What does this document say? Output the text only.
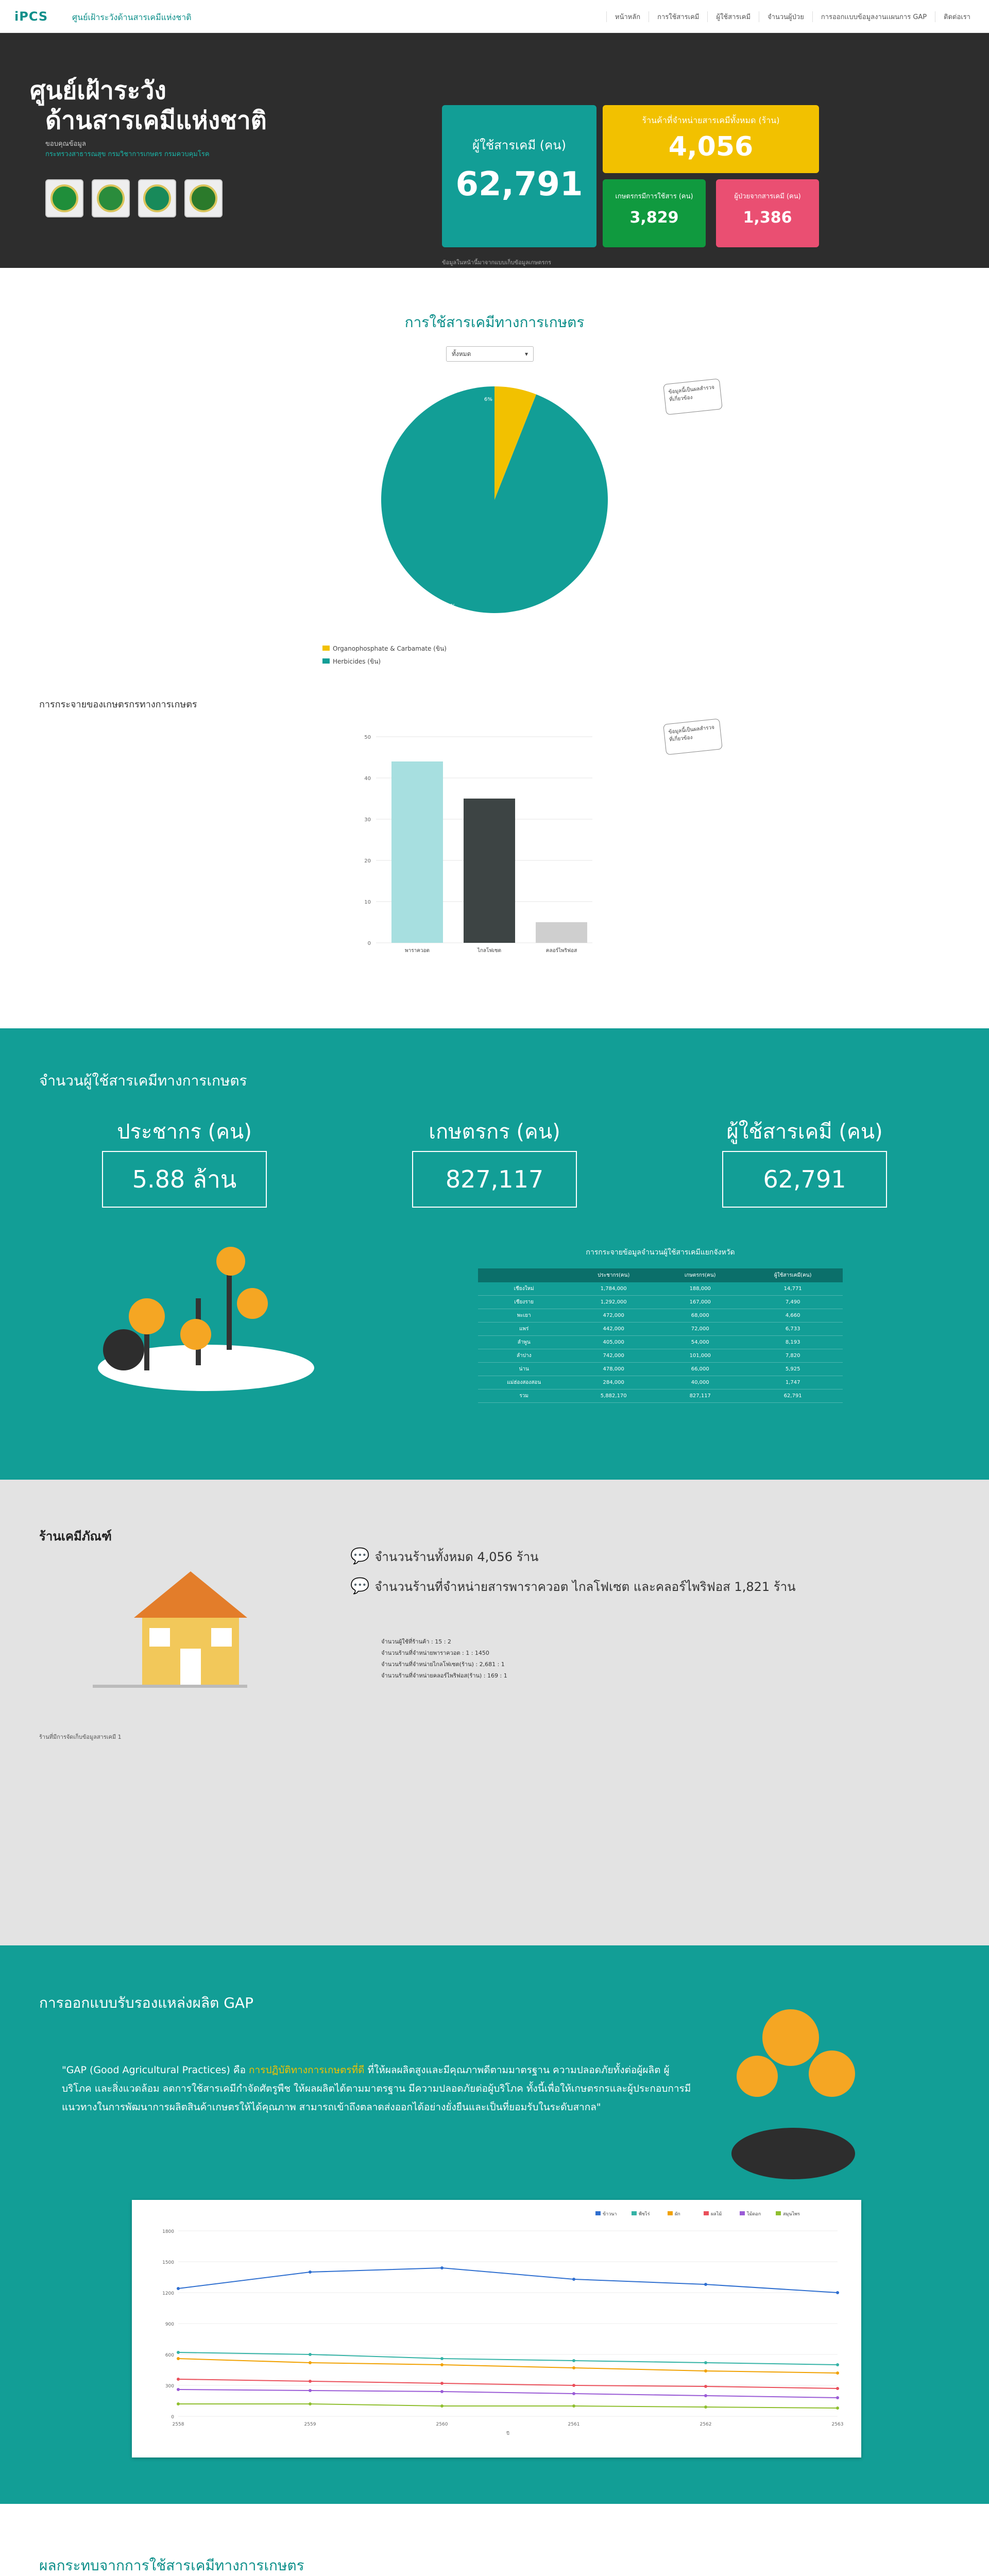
iPCS	ศูนย์เฝ้าระวังด้านสารเคมีแห่งชาติ	หน้าหลัก	การใช้สารเคมี	ผู้ใช้สารเคมี	จำนวนผู้ป่วย	การออกเเบบข้อมูลงานเเผนการ GAP	ติดต่อเรา
ศูนย์เฝ้าระวัง
ด้านสารเคมีแห่งชาติ
ขอบคุณข้อมูล
กระทรวงสาธารณสุข กรมวิชาการเกษตร กรมควบคุมโรค
ผู้ใช้สารเคมี (คน)
62,791
ร้านค้าที่จำหน่ายสารเคมีทั้งหมด (ร้าน)
4,056
เกษตรกรมีการใช้สาร (คน)
3,829
ผู้ป่วยจากสารเคมี (คน)
1,386
ข้อมูลในหน้านี้มาจากแบบเก็บข้อมูลเกษตรกร
การใช้สารเคมีทางการเกษตร
ทั้งหมด	▾
ข้อมูลนี้เป็นผลสำรวจที่เกี่ยวข้อง
6%
94%
Organophosphate & Carbamate (ขิน)
Herbicides (ขิน)
การกระจายของเกษตรกรทางการเกษตร
ข้อมูลนี้เป็นผลสำรวจที่เกี่ยวข้อง
0
10
20
30
40
50
พาราควอต	ไกลโฟเซต	คลอร์ไพริฟอส
จำนวนผู้ใช้สารเคมีทางการเกษตร
ประชากร (คน)
5.88 ล้าน
เกษตรกร (คน)
827,117
ผู้ใช้สารเคมี (คน)
62,791
การกระจายข้อมูลจำนวนผู้ใช้สารเคมีแยกจังหวัด
	ประชากร(คน)	เกษตรกร(คน)	ผู้ใช้สารเคมี(คน)
เชียงใหม่	1,784,000	188,000	14,771
เชียงราย	1,292,000	167,000	7,490
พะเยา	472,000	68,000	4,660
แพร่	442,000	72,000	6,733
ลำพูน	405,000	54,000	8,193
ลำปาง	742,000	101,000	7,820
น่าน	478,000	66,000	5,925
แม่ฮ่องสองสอน	284,000	40,000	1,747
รวม	5,882,170	827,117	62,791
ร้านเคมีภัณฑ์
ร้านที่มีการจัดเก็บข้อมูลสารเคมี 1
💬 จำนวนร้านทั้งหมด 4,056 ร้าน
💬 จำนวนร้านที่จำหน่ายสารพาราควอต ไกลโฟเซต และคลอร์ไพริฟอส 1,821 ร้าน
จำนวนผู้ใช้ที่ร้านค้า : 15 : 2
จำนวนร้านที่จำหน่ายพาราควอต : 1 : 1450
จำนวนร้านที่จำหน่ายไกลโฟเซต(ร้าน) : 2,681 : 1
จำนวนร้านที่จำหน่ายคลอร์ไพริฟอส(ร้าน) : 169 : 1
การออกแบบรับรองแหล่งผลิต GAP
"GAP (Good Agricultural Practices) คือ การปฏิบัติทางการเกษตรที่ดี ที่ให้ผลผลิตสูงและมีคุณภาพดีตามมาตรฐาน ความปลอดภัยทั้งต่อผู้ผลิต ผู้บริโภค และสิ่งแวดล้อม ลดการใช้สารเคมีกำจัดศัตรูพืช ให้ผลผลิตได้ตามมาตรฐาน มีความปลอดภัยต่อผู้บริโภค ทั้งนี้เพื่อให้เกษตรกรและผู้ประกอบการมีแนวทางในการพัฒนาการผลิตสินค้าเกษตรให้ได้คุณภาพ สามารถเข้าถึงตลาดส่งออกได้อย่างยั่งยืนและเป็นที่ยอมรับในระดับสากล"
ข้าวนา	พืชไร่	ผัก	ผลไม้	ไม้ดอก	สมุนไพร
0
300
600
900
1200
1500
1800
2558	2559	2560	2561	2562	2563
ปี
ผลกระทบจากการใช้สารเคมีทางการเกษตร
